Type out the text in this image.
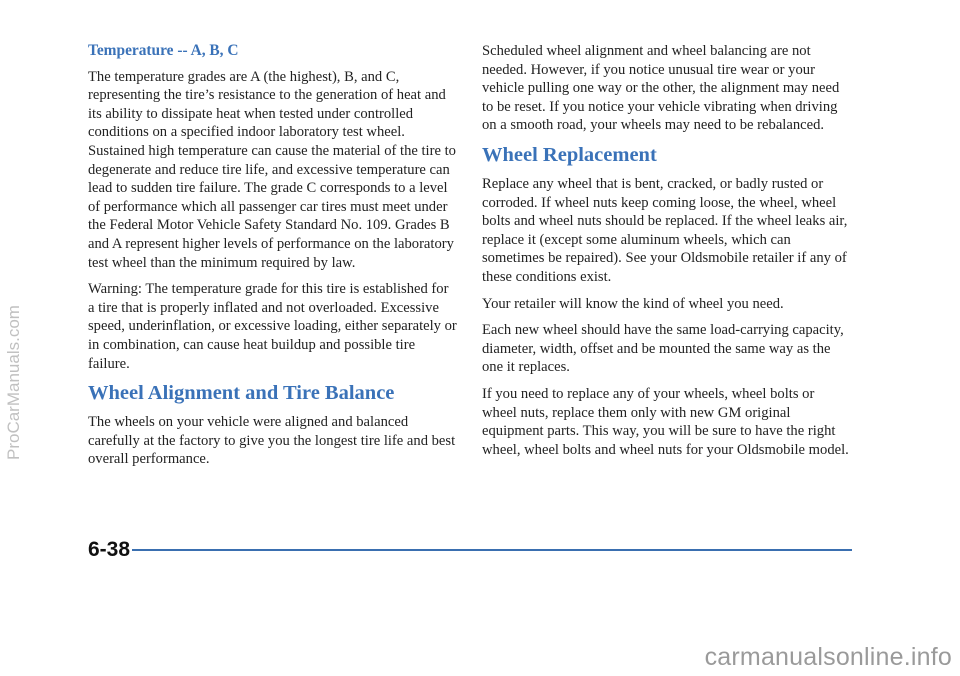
Temperature -- A, B, C

The temperature grades are A (the highest), B, and C, representing the tire’s resistance to the generation of heat and its ability to dissipate heat when tested under controlled conditions on a specified indoor laboratory test wheel. Sustained high temperature can cause the material of the tire to degenerate and reduce tire life, and excessive temperature can lead to sudden tire failure. The grade C corresponds to a level of performance which all passenger car tires must meet under the Federal Motor Vehicle Safety Standard No. 109. Grades B and A represent higher levels of performance on the laboratory test wheel than the minimum required by law.

Warning: The temperature grade for this tire is established for a tire that is properly inflated and not overloaded. Excessive speed, underinflation, or excessive loading, either separately or in combination, can cause heat buildup and possible tire failure.

Wheel Alignment and Tire Balance

The wheels on your vehicle were aligned and balanced carefully at the factory to give you the longest tire life and best overall performance.

Scheduled wheel alignment and wheel balancing are not needed. However, if you notice unusual tire wear or your vehicle pulling one way or the other, the alignment may need to be reset. If you notice your vehicle vibrating when driving on a smooth road, your wheels may need to be rebalanced.

Wheel Replacement

Replace any wheel that is bent, cracked, or badly rusted or corroded. If wheel nuts keep coming loose, the wheel, wheel bolts and wheel nuts should be replaced. If the wheel leaks air, replace it (except some aluminum wheels, which can sometimes be repaired). See your Oldsmobile retailer if any of these conditions exist.

Your retailer will know the kind of wheel you need.

Each new wheel should have the same load-carrying capacity, diameter, width, offset and be mounted the same way as the one it replaces.

If you need to replace any of your wheels, wheel bolts or wheel nuts, replace them only with new GM original equipment parts. This way, you will be sure to have the right wheel, wheel bolts and wheel nuts for your Oldsmobile model.

6-38
ProCarManuals.com
carmanualsonline.info
